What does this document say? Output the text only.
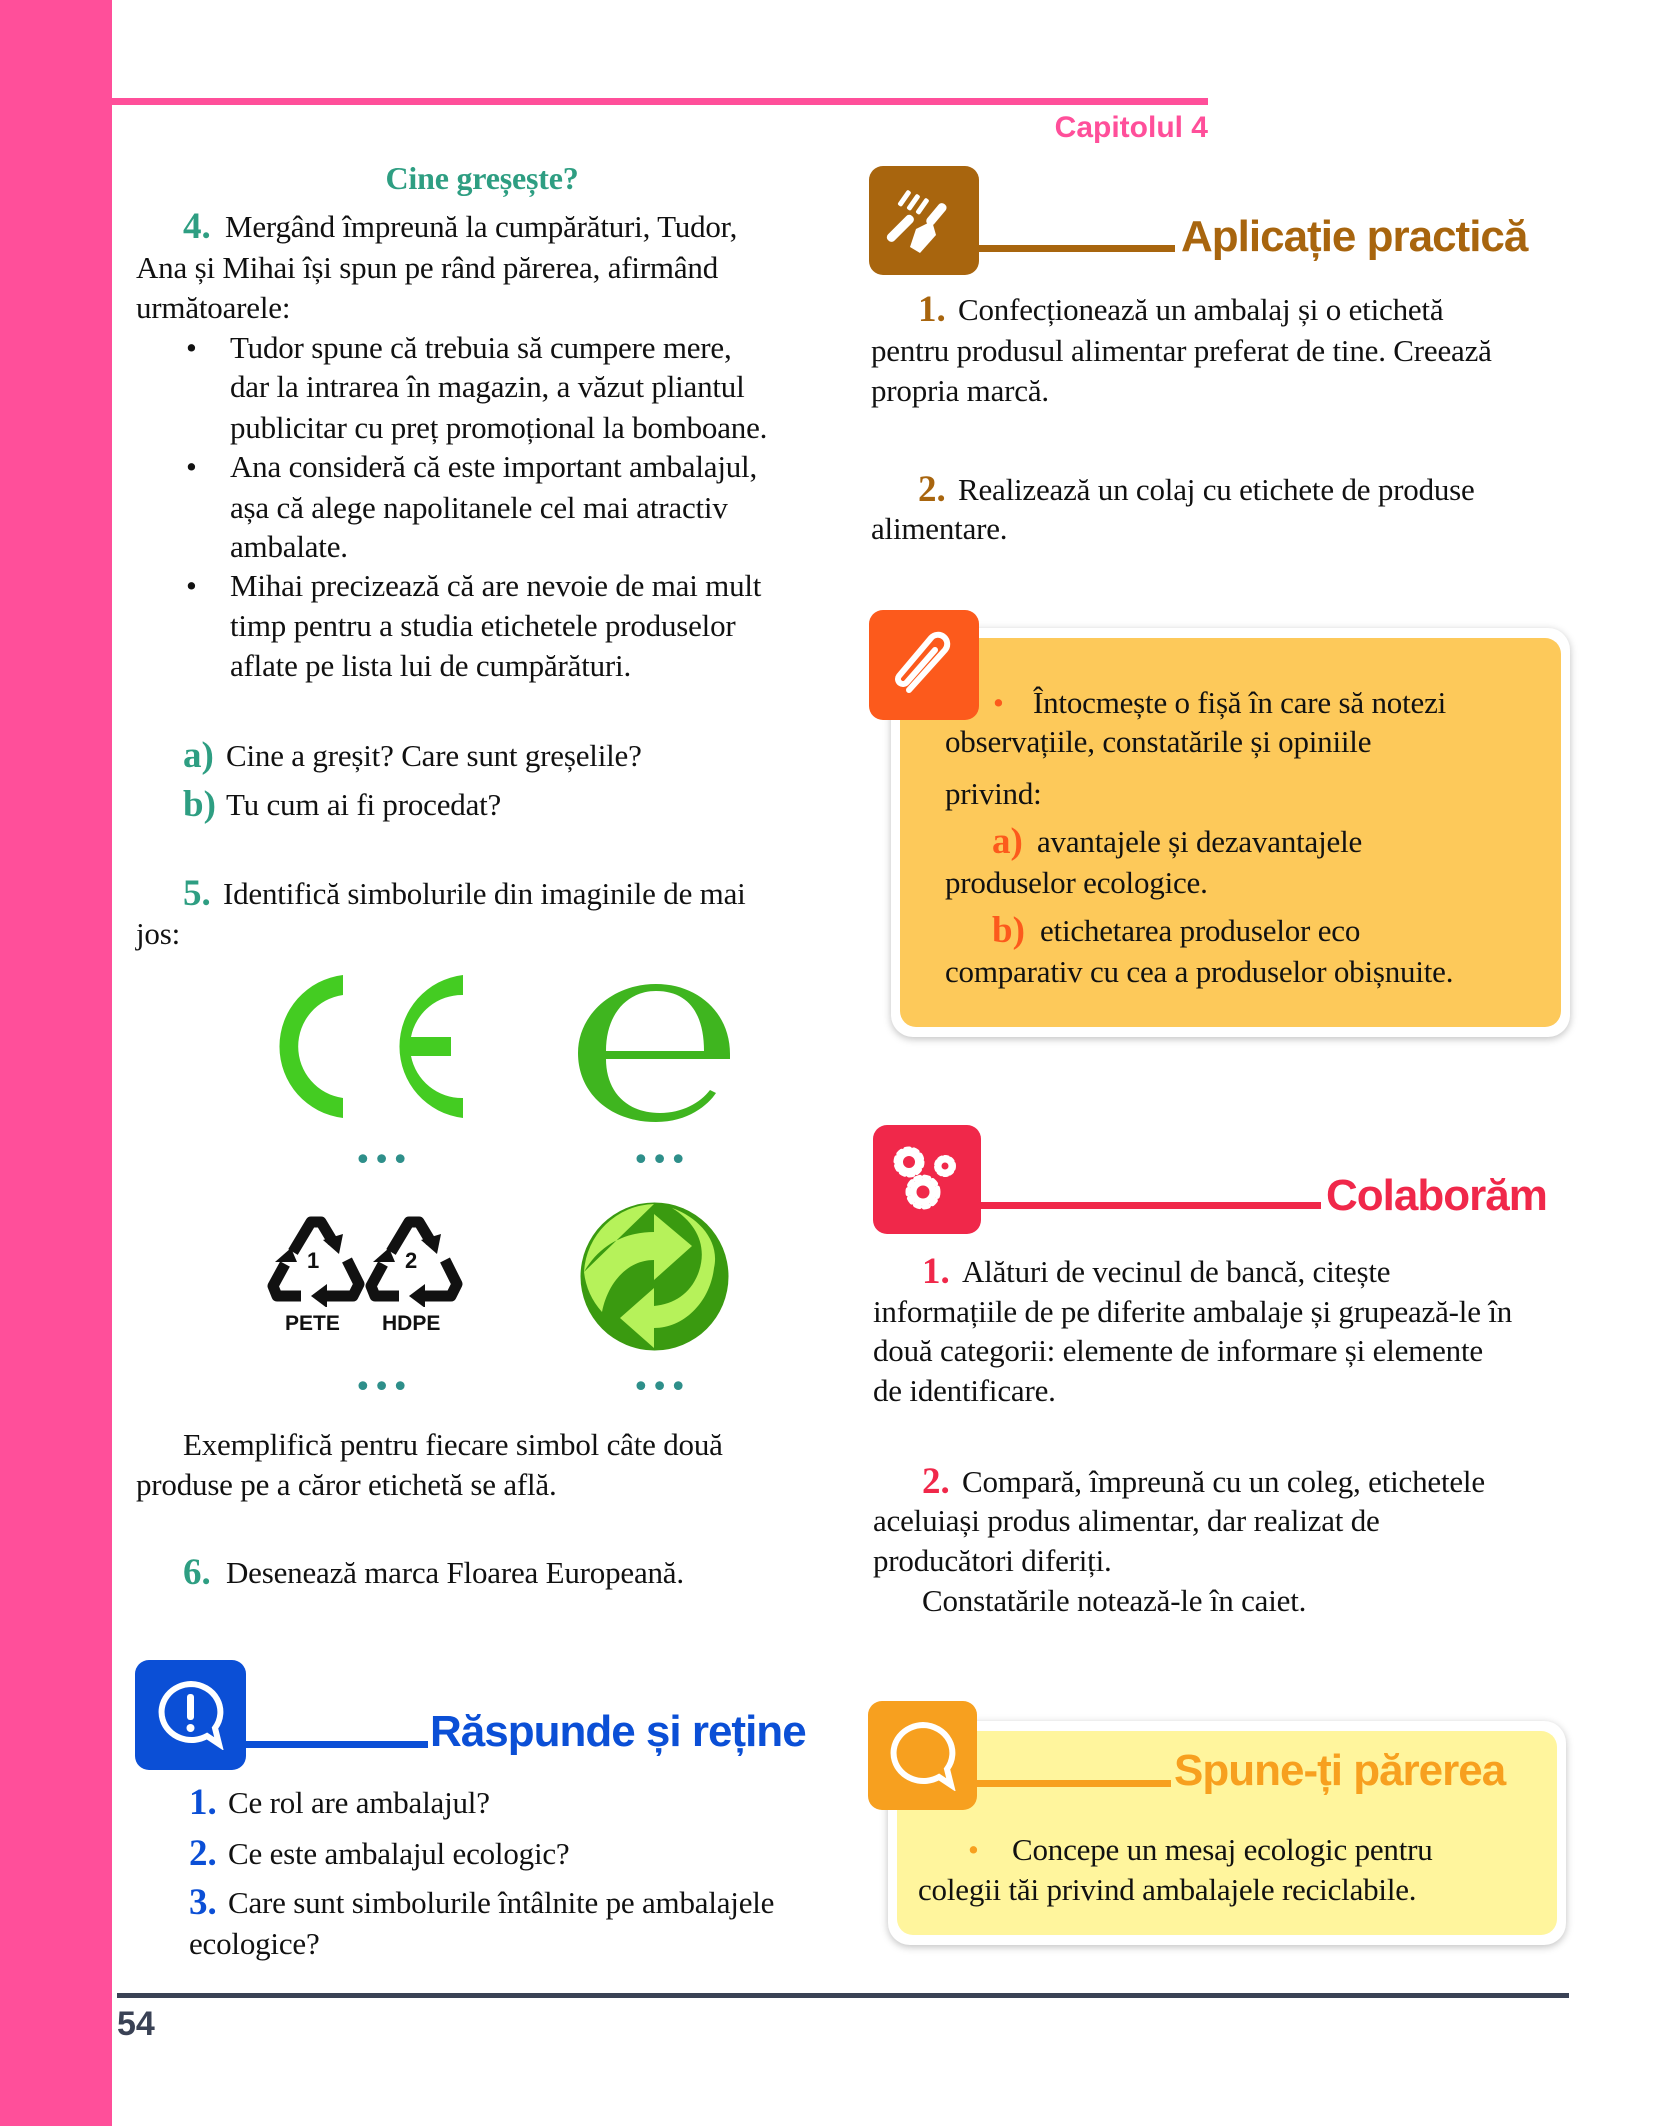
Capitolul 4
Cine greșește?
4. Mergând împreună la cumpărături, Tudor,
Ana și Mihai își spun pe rând părerea, afirmând
următoarele:
• Tudor spune că trebuia să cumpere mere,
dar la intrarea în magazin, a văzut pliantul
publicitar cu preț promoțional la bomboane.
• Ana consideră că este important ambalajul,
așa că alege napolitanele cel mai atractiv
ambalate.
• Mihai precizează că are nevoie de mai mult
timp pentru a studia etichetele produselor
aflate pe lista lui de cumpărături.
a) Cine a greșit? Care sunt greșelile?
b) Tu cum ai fi procedat?
5. Identifică simbolurile din imaginile de mai
jos:
•••	•••
1	2
PETE HDPE
•••	•••
Exemplifică pentru fiecare simbol câte două
produse pe a căror etichetă se află.
6. Desenează marca Floarea Europeană.
Răspunde și reține
1. Ce rol are ambalajul?
2. Ce este ambalajul ecologic?
3. Care sunt simbolurile întâlnite pe ambalajele
ecologice?
Aplicație practică
1. Confecționează un ambalaj și o etichetă
pentru produsul alimentar preferat de tine. Creează
propria marcă.
2. Realizează un colaj cu etichete de produse
alimentare.
• Întocmește o fișă în care să notezi
observațiile, constatările și opiniile
privind:
a) avantajele și dezavantajele
produselor ecologice.
b) etichetarea produselor eco
comparativ cu cea a produselor obișnuite.
Colaborăm
1. Alături de vecinul de bancă, citește
informațiile de pe diferite ambalaje și grupează-le în
două categorii: elemente de informare și elemente
de identificare.
2. Compară, împreună cu un coleg, etichetele
aceluiași produs alimentar, dar realizat de
producători diferiți.
Constatările notează-le în caiet.
Spune-ți părerea
• Concepe un mesaj ecologic pentru
colegii tăi privind ambalajele reciclabile.
54
